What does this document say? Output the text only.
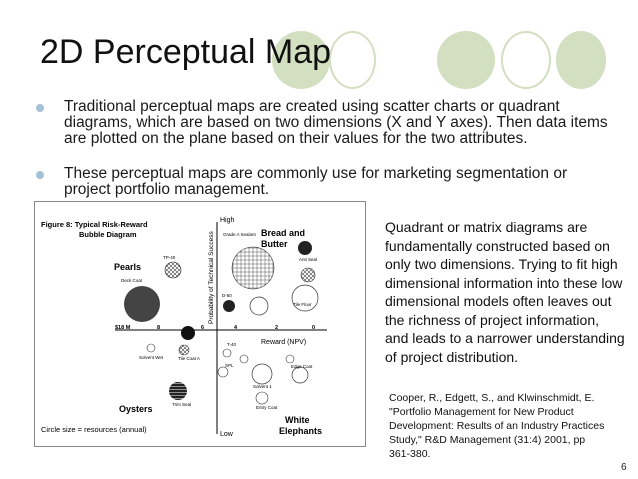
2D Perceptual Map
Traditional perceptual maps are created using scatter charts or quadrant diagrams, which are based on two dimensions (X and Y axes). Then data items are plotted on the plane based on their values for the two attributes.
These perceptual maps are commonly use for marketing segmentation or project portfolio management.
Figure 8: Typical Risk-Reward
Bubble Diagram
High
Low
Probability of Technical Success
Reward (NPV)
$18 M	8	6	4	2	0
Pearls
Bread and
Butter
Oysters
White
Elephants
TP-40
Deck Coat
Grade A Sealant
Anti Seal
D-50
Tile Floor
Solvent Wet	Tile Coat A
T-40
SPL
Solvent 1
Edge Coat
Trim Seal
Entry Coat
Circle size = resources (annual)
Quadrant or matrix diagrams are fundamentally constructed based on only two dimensions. Trying to fit high dimensional information into these low dimensional models often leaves out the richness of project information, and leads to a narrower understanding of project distribution.
Cooper, R., Edgett, S., and Klwinschmidt, E. "Portfolio Management for New Product Development: Results of an Industry Practices Study," R&D Management (31:4) 2001, pp 361-380.
6
